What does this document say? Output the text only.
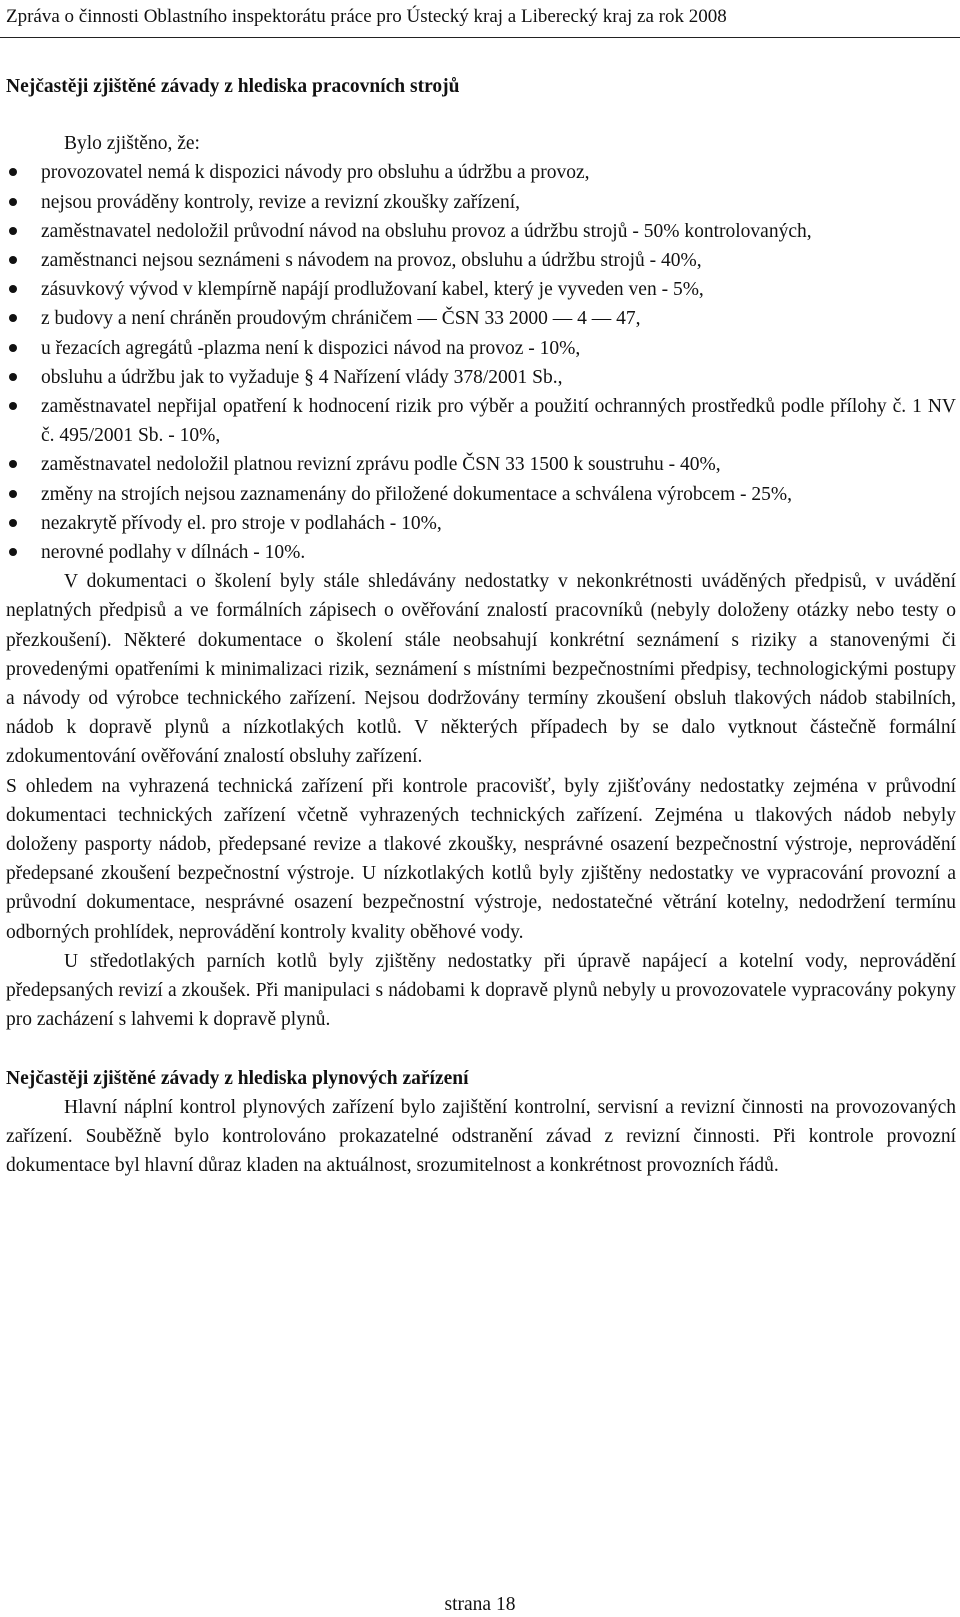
Zpráva o činnosti Oblastního inspektorátu práce pro Ústecký kraj a Liberecký kraj za rok 2008
Nejčastěji zjištěné závady z hlediska pracovních strojů

Bylo zjištěno, že:

provozovatel nemá k dispozici návody pro obsluhu a údržbu a provoz,
nejsou prováděny kontroly, revize a revizní zkoušky zařízení,
zaměstnavatel nedoložil průvodní návod na obsluhu provoz a údržbu strojů - 50% kontrolovaných,
zaměstnanci nejsou seznámeni s návodem na provoz, obsluhu a údržbu strojů - 40%,
zásuvkový vývod v klempírně napájí prodlužovaní kabel, který je vyveden ven - 5%,
z budovy a není chráněn proudovým chráničem — ČSN 33 2000 — 4 — 47,
u řezacích agregátů -plazma není k dispozici návod na provoz - 10%,
obsluhu a údržbu jak to vyžaduje § 4 Nařízení vlády 378/2001 Sb.,
zaměstnavatel nepřijal opatření k hodnocení rizik pro výběr a použití ochranných prostředků podle přílohy č. 1 NV č. 495/2001 Sb. - 10%,
zaměstnavatel nedoložil platnou revizní zprávu podle ČSN 33 1500 k soustruhu - 40%,
změny na strojích nejsou zaznamenány do přiložené dokumentace a schválena výrobcem - 25%,
nezakrytě přívody el. pro stroje v podlahách - 10%,
nerovné podlahy v dílnách - 10%.

V dokumentaci o školení byly stále shledávány nedostatky v nekonkrétnosti uváděných předpisů, v uvádění neplatných předpisů a ve formálních zápisech o ověřování znalostí pracovníků (nebyly doloženy otázky nebo testy o přezkoušení). Některé dokumentace o školení stále neobsahují konkrétní seznámení s riziky a stanovenými či provedenými opatřeními k minimalizaci rizik, seznámení s místními bezpečnostními předpisy, technologickými postupy a návody od výrobce technického zařízení. Nejsou dodržovány termíny zkoušení obsluh tlakových nádob stabilních, nádob k dopravě plynů a nízkotlakých kotlů. V některých případech by se dalo vytknout částečně formální zdokumentování ověřování znalostí obsluhy zařízení.

S ohledem na vyhrazená technická zařízení při kontrole pracovišť, byly zjišťovány nedostatky zejména v průvodní dokumentaci technických zařízení včetně vyhrazených technických zařízení. Zejména u tlakových nádob nebyly doloženy pasporty nádob, předepsané revize a tlakové zkoušky, nesprávné osazení bezpečnostní výstroje, neprovádění předepsané zkoušení bezpečnostní výstroje. U nízkotlakých kotlů byly zjištěny nedostatky ve vypracování provozní a průvodní dokumentace, nesprávné osazení bezpečnostní výstroje, nedostatečné větrání kotelny, nedodržení termínu odborných prohlídek, neprovádění kontroly kvality oběhové vody.

U středotlakých parních kotlů byly zjištěny nedostatky při úpravě napájecí a kotelní vody, neprovádění předepsaných revizí a zkoušek. Při manipulaci s nádobami k dopravě plynů nebyly u provozovatele vypracovány pokyny pro zacházení s lahvemi k dopravě plynů.

Nejčastěji zjištěné závady z hlediska plynových zařízení

Hlavní náplní kontrol plynových zařízení bylo zajištění kontrolní, servisní a revizní činnosti na provozovaných zařízení. Souběžně bylo kontrolováno prokazatelné odstranění závad z revizní činnosti. Při kontrole provozní dokumentace byl hlavní důraz kladen na aktuálnost, srozumitelnost a konkrétnost provozních řádů.

strana 18
